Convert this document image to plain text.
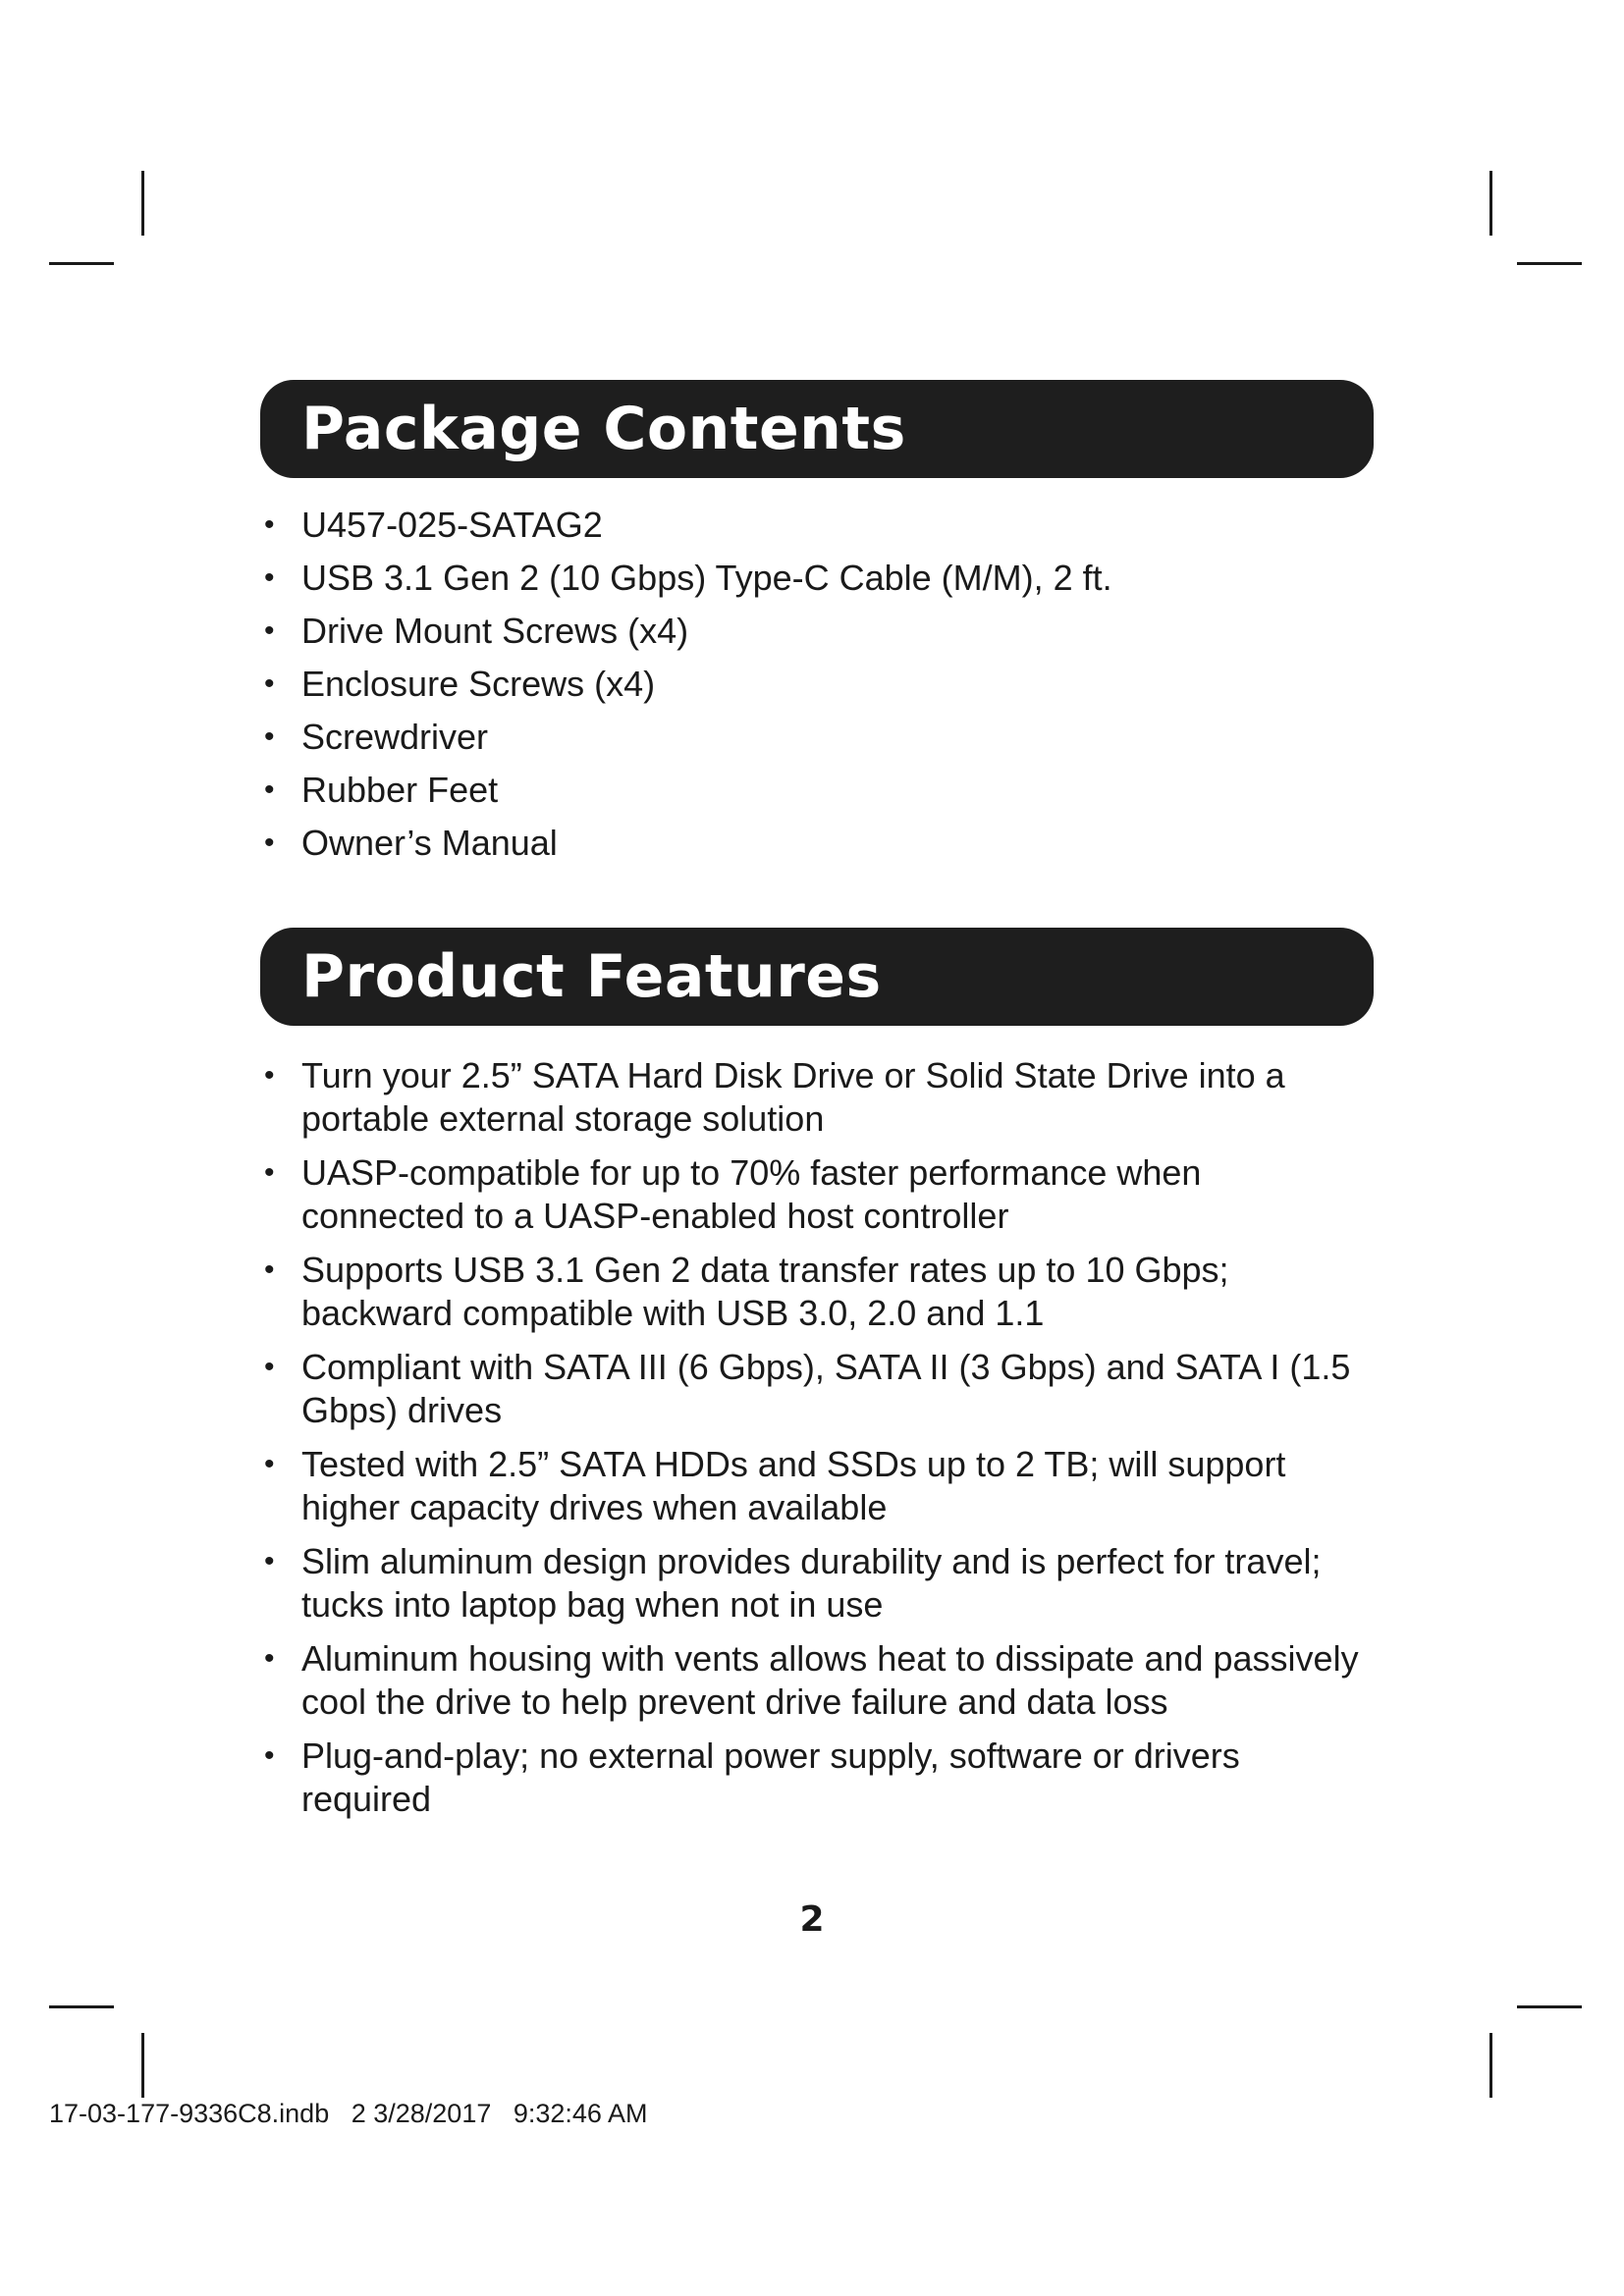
Package Contents
• U457-025-SATAG2
• USB 3.1 Gen 2 (10 Gbps) Type-C Cable (M/M), 2 ft.
• Drive Mount Screws (x4)
• Enclosure Screws (x4)
• Screwdriver
• Rubber Feet
• Owner’s Manual
Product Features
• Turn your 2.5” SATA Hard Disk Drive or Solid State Drive into a portable external storage solution
• UASP-compatible for up to 70% faster performance when connected to a UASP-enabled host controller
• Supports USB 3.1 Gen 2 data transfer rates up to 10 Gbps; backward compatible with USB 3.0, 2.0 and 1.1
• Compliant with SATA III (6 Gbps), SATA II (3 Gbps) and SATA I (1.5 Gbps) drives
• Tested with 2.5” SATA HDDs and SSDs up to 2 TB; will support higher capacity drives when available
• Slim aluminum design provides durability and is perfect for travel; tucks into laptop bag when not in use
• Aluminum housing with vents allows heat to dissipate and passively cool the drive to help prevent drive failure and data loss
• Plug-and-play; no external power supply, software or drivers required
2
17-03-177-9336C8.indb   2 3/28/2017   9:32:46 AM
